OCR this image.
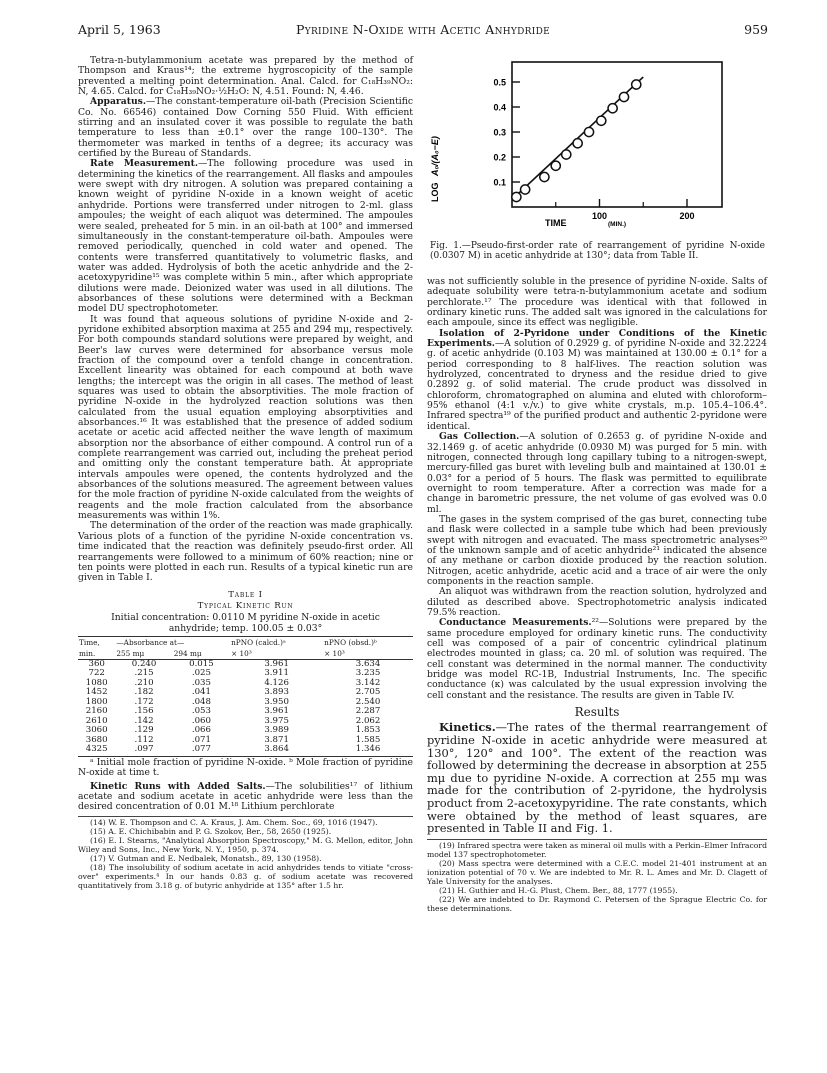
April 5, 1963	Pyridine N-Oxide with Acetic Anhydride	959

Tetra-n-butylammonium acetate was prepared by the method of Thompson and Kraus¹⁴; the extreme hygroscopicity of the sample prevented a melting point determination. Anal. Calcd. for C₁₈H₃₉NO₂: N, 4.65. Calcd. for C₁₈H₃₉NO₂·½H₂O: N, 4.51. Found: N, 4.46.

Apparatus.—The constant-temperature oil-bath (Precision Scientific Co. No. 66546) contained Dow Corning 550 Fluid. With efficient stirring and an insulated cover it was possible to regulate the bath temperature to less than ±0.1° over the range 100–130°. The thermometer was marked in tenths of a degree; its accuracy was certified by the Bureau of Standards.

Rate Measurement.—The following procedure was used in determining the kinetics of the rearrangement. All flasks and ampoules were swept with dry nitrogen. A solution was prepared containing a known weight of pyridine N-oxide in a known weight of acetic anhydride. Portions were transferred under nitrogen to 2-ml. glass ampoules; the weight of each aliquot was determined. The ampoules were sealed, preheated for 5 min. in an oil-bath at 100° and immersed simultaneously in the constant-temperature oil-bath. Ampoules were removed periodically, quenched in cold water and opened. The contents were transferred quantitatively to volumetric flasks, and water was added. Hydrolysis of both the acetic anhydride and the 2-acetoxypyridine¹⁵ was complete within 5 min., after which appropriate dilutions were made. Deionized water was used in all dilutions. The absorbances of these solutions were determined with a Beckman model DU spectrophotometer.

It was found that aqueous solutions of pyridine N-oxide and 2-pyridone exhibited absorption maxima at 255 and 294 mμ, respectively. For both compounds standard solutions were prepared by weight, and Beer's law curves were determined for absorbance versus mole fraction of the compound over a tenfold change in concentration. Excellent linearity was obtained for each compound at both wave lengths; the intercept was the origin in all cases. The method of least squares was used to obtain the absorptivities. The mole fraction of pyridine N-oxide in the hydrolyzed reaction solutions was then calculated from the usual equation employing absorptivities and absorbances.¹⁶ It was established that the presence of added sodium acetate or acetic acid affected neither the wave length of maximum absorption nor the absorbance of either compound. A control run of a complete rearrangement was carried out, including the preheat period and omitting only the constant temperature bath. At appropriate intervals ampoules were opened, the contents hydrolyzed and the absorbances of the solutions measured. The agreement between values for the mole fraction of pyridine N-oxide calculated from the weights of reagents and the mole fraction calculated from the absorbance measurements was within 1%.

The determination of the order of the reaction was made graphically. Various plots of a function of the pyridine N-oxide concentration vs. time indicated that the reaction was definitely pseudo-first order. All rearrangements were followed to a minimum of 60% reaction; nine or ten points were plotted in each run. Results of a typical kinetic run are given in Table I.

Table I
Typical Kinetic Run
Initial concentration: 0.0110 M pyridine N-oxide in acetic anhydride; temp. 100.05 ± 0.03°
Time,	—Absorbance at—		nPNO (calcd.)ᵃ	nPNO (obsd.)ᵇ
min.	255 mμ	294 mμ	× 10³	× 10³
360	0.240	0.015	3.961	3.634
722	.215	.025	3.911	3.235
1080	.210	.035	4.126	3.142
1452	.182	.041	3.893	2.705
1800	.172	.048	3.950	2.540
2160	.156	.053	3.961	2.287
2610	.142	.060	3.975	2.062
3060	.129	.066	3.989	1.853
3680	.112	.071	3.871	1.585
4325	.097	.077	3.864	1.346
ᵃ Initial mole fraction of pyridine N-oxide. ᵇ Mole fraction of pyridine N-oxide at time t.

Kinetic Runs with Added Salts.—The solubilities¹⁷ of lithium acetate and sodium acetate in acetic anhydride were less than the desired concentration of 0.01 M.¹⁸ Lithium perchlorate

(14) W. E. Thompson and C. A. Kraus, J. Am. Chem. Soc., 69, 1016 (1947).

(15) A. E. Chichibabin and P. G. Szokov, Ber., 58, 2650 (1925).

(16) E. I. Stearns, "Analytical Absorption Spectroscopy," M. G. Mellon, editor, John Wiley and Sons, Inc., New York, N. Y., 1950, p. 374.

(17) V. Gutman and E. Nedbalek, Monatsh., 89, 130 (1958).

(18) The insolubility of sodium acetate in acid anhydrides tends to vitiate "cross-over" experiments.⁴ In our hands 0.83 g. of sodium acetate was recovered quantitatively from 3.18 g. of butyric anhydride at 135° after 1.5 hr.

0.1
0.2
0.3
0.4
0.5
100	200
LOG
A₀/(A₀−E)
TIME	(MIN.)

Fig. 1.—Pseudo-first-order rate of rearrangement of pyridine N-oxide (0.0307 M) in acetic anhydride at 130°; data from Table II.

was not sufficiently soluble in the presence of pyridine N-oxide. Salts of adequate solubility were tetra-n-butylammonium acetate and sodium perchlorate.¹⁷ The procedure was identical with that followed in ordinary kinetic runs. The added salt was ignored in the calculations for each ampoule, since its effect was negligible.

Isolation of 2-Pyridone under Conditions of the Kinetic Experiments.—A solution of 0.2929 g. of pyridine N-oxide and 32.2224 g. of acetic anhydride (0.103 M) was maintained at 130.00 ± 0.1° for a period corresponding to 8 half-lives. The reaction solution was hydrolyzed, concentrated to dryness and the residue dried to give 0.2892 g. of solid material. The crude product was dissolved in chloroform, chromatographed on alumina and eluted with chloroform–95% ethanol (4:1 v./v.) to give white crystals, m.p. 105.4–106.4°. Infrared spectra¹⁹ of the purified product and authentic 2-pyridone were identical.

Gas Collection.—A solution of 0.2653 g. of pyridine N-oxide and 32.1469 g. of acetic anhydride (0.0930 M) was purged for 5 min. with nitrogen, connected through long capillary tubing to a nitrogen-swept, mercury-filled gas buret with leveling bulb and maintained at 130.01 ± 0.03° for a period of 5 hours. The flask was permitted to equilibrate overnight to room temperature. After a correction was made for a change in barometric pressure, the net volume of gas evolved was 0.0 ml.

The gases in the system comprised of the gas buret, connecting tube and flask were collected in a sample tube which had been previously swept with nitrogen and evacuated. The mass spectrometric analyses²⁰ of the unknown sample and of acetic anhydride²¹ indicated the absence of any methane or carbon dioxide produced by the reaction solution. Nitrogen, acetic anhydride, acetic acid and a trace of air were the only components in the reaction sample.

An aliquot was withdrawn from the reaction solution, hydrolyzed and diluted as described above. Spectrophotometric analysis indicated 79.5% reaction.

Conductance Measurements.²²—Solutions were prepared by the same procedure employed for ordinary kinetic runs. The conductivity cell was composed of a pair of concentric cylindrical platinum electrodes mounted in glass; ca. 20 ml. of solution was required. The cell constant was determined in the normal manner. The conductivity bridge was model RC-1B, Industrial Instruments, Inc. The specific conductance (κ) was calculated by the usual expression involving the cell constant and the resistance. The results are given in Table IV.

Results

Kinetics.—The rates of the thermal rearrangement of pyridine N-oxide in acetic anhydride were measured at 130°, 120° and 100°. The extent of the reaction was followed by determining the decrease in absorption at 255 mμ due to pyridine N-oxide. A correction at 255 mμ was made for the contribution of 2-pyridone, the hydrolysis product from 2-acetoxypyridine. The rate constants, which were obtained by the method of least squares, are presented in Table II and Fig. 1.

(19) Infrared spectra were taken as mineral oil mulls with a Perkin–Elmer Infracord model 137 spectrophotometer.

(20) Mass spectra were determined with a C.E.C. model 21-401 instrument at an ionization potential of 70 v. We are indebted to Mr. R. L. Ames and Mr. D. Clagett of Yale University for the analyses.

(21) H. Guthier and H.-G. Plust, Chem. Ber., 88, 1777 (1955).

(22) We are indebted to Dr. Raymond C. Petersen of the Sprague Electric Co. for these determinations.
